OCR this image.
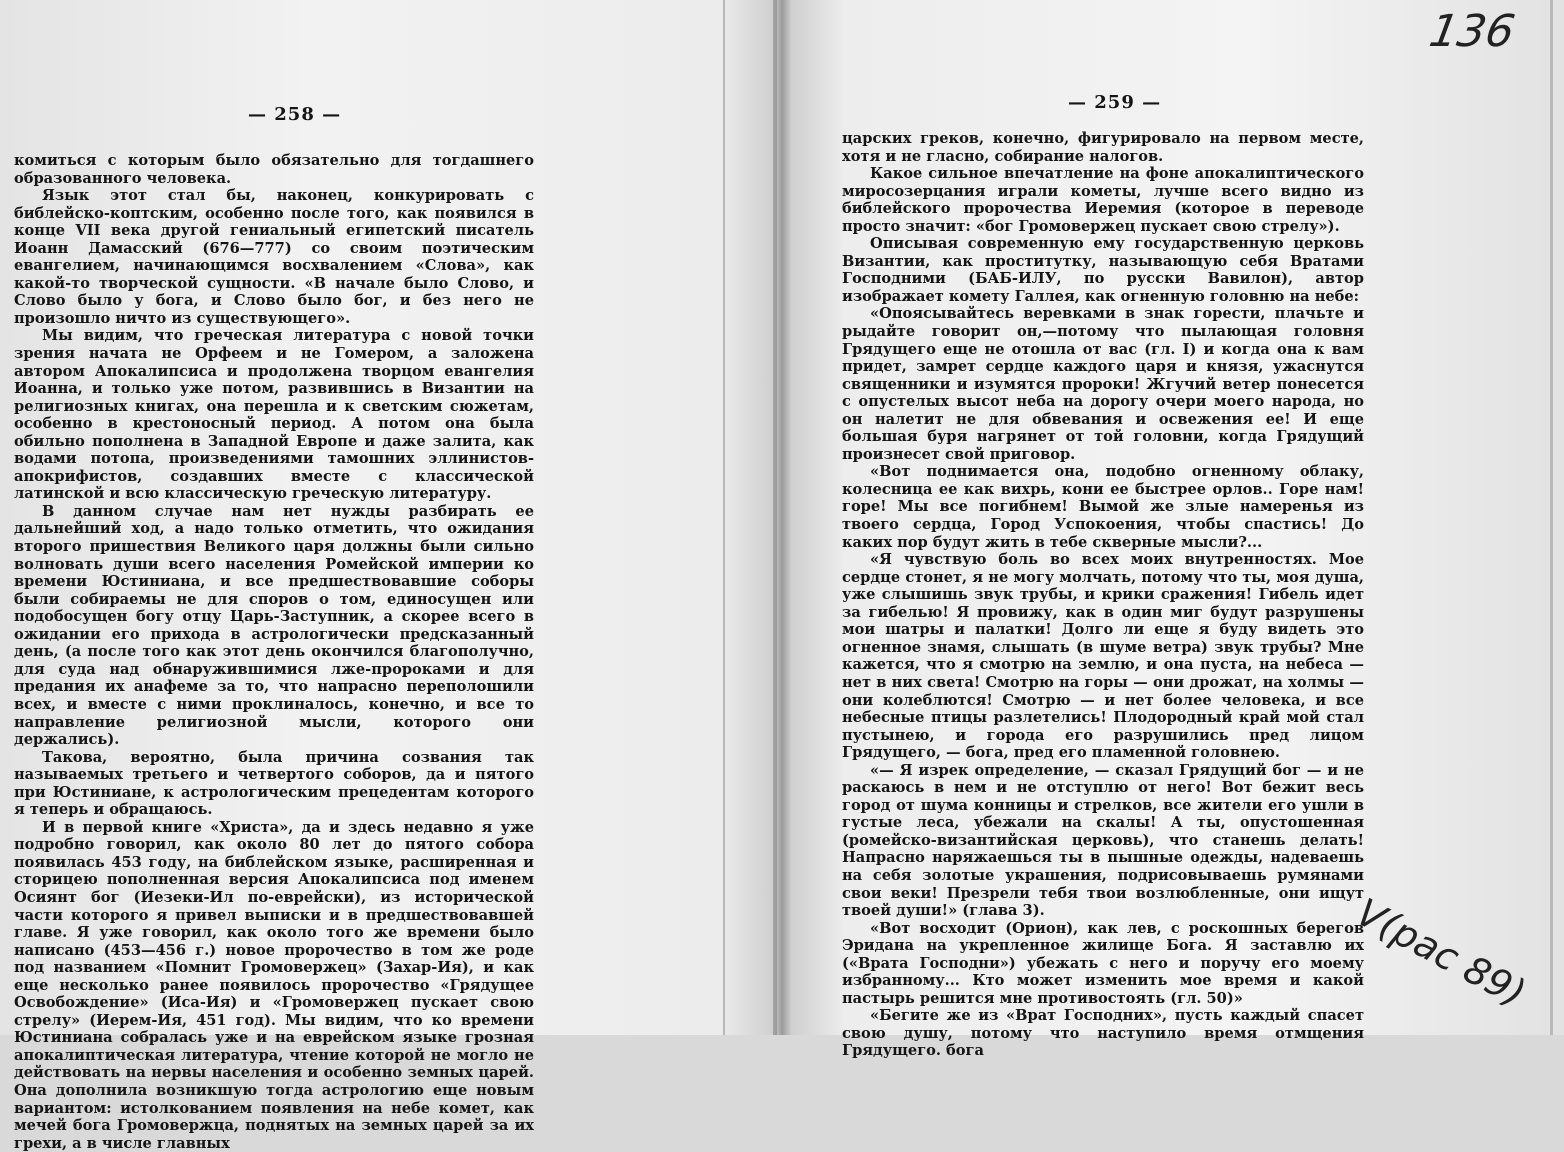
— 258 —

комиться с которым было обязательно для тогдашнего образованного человека.

Язык этот стал бы, наконец, конкурировать с библейско-коптским, особенно после того, как появился в конце VII века другой гениальный египетский писатель Иоанн Дамасский (676—777) со своим поэтическим евангелием, начинающимся восхвалением «Слова», как какой-то творческой сущности. «В начале было Слово, и Слово было у бога, и Слово было бог, и без него не произошло ничто из существующего».

Мы видим, что греческая литература с новой точки зрения начата не Орфеем и не Гомером, а заложена автором Апокалипсиса и продолжена творцом евангелия Иоанна, и только уже потом, развившись в Византии на религиозных книгах, она перешла и к светским сюжетам, особенно в крестоносный период. А потом она была обильно пополнена в Западной Европе и даже залита, как водами потопа, произведениями тамошних эллинистов-апокрифистов, создавших вместе с классической латинской и всю классическую греческую литературу.

В данном случае нам нет нужды разбирать ее дальнейший ход, а надо только отметить, что ожидания второго пришествия Великого царя должны были сильно волновать души всего населения Ромейской империи ко времени Юстиниана, и все предшествовавшие соборы были собираемы не для споров о том, единосущен или подобосущен богу отцу Царь-Заступник, а скорее всего в ожидании его прихода в астрологически предсказанный день, (а после того как этот день окончился благополучно, для суда над обнаружившимися лже-пророками и для предания их анафеме за то, что напрасно переполошили всех, и вместе с ними проклиналось, конечно, и все то направление религиозной мысли, которого они держались).

Такова, вероятно, была причина созвания так называемых третьего и четвертого соборов, да и пятого при Юстиниане, к астрологическим прецедентам которого я теперь и обращаюсь.

И в первой книге «Христа», да и здесь недавно я уже подробно говорил, как около 80 лет до пятого собора появилась 453 году, на библейском языке, расширенная и сторицею пополненная версия Апокалипсиса под именем Осиянт бог (Иезеки-Ил по-еврейски), из исторической части которого я привел выписки и в предшествовавшей главе. Я уже говорил, как около того же времени было написано (453—456 г.) новое пророчество в том же роде под названием «Помнит Громовержец» (Захар-Ия), и как еще несколько ранее появилось пророчество «Грядущее Освобождение» (Иса-Ия) и «Громовержец пускает свою стрелу» (Иерем-Ия, 451 год). Мы видим, что ко времени Юстиниана собралась уже и на еврейском языке грозная апокалиптическая литература, чтение которой не могло не действовать на нервы населения и особенно земных царей. Она дополнила возникшую тогда астрологию еще новым вариантом: истолкованием появления на небе комет, как мечей бога Громовержца, поднятых на земных царей за их грехи, а в числе главных

— 259 —

царских греков, конечно, фигурировало на первом месте, хотя и не гласно, собирание налогов.

Какое сильное впечатление на фоне апокалиптического миросозерцания играли кометы, лучше всего видно из библейского пророчества Иеремия (которое в переводе просто значит: «бог Громовержец пускает свою стрелу»).

Описывая современную ему государственную церковь Византии, как проститутку, называющую себя Вратами Господними (БАБ-ИЛУ, по русски Вавилон), автор изображает комету Галлея, как огненную головню на небе:

«Опоясывайтесь веревками в знак горести, плачьте и рыдайте говорит он,—потому что пылающая головня Грядущего еще не отошла от вас (гл. I) и когда она к вам придет, замрет сердце каждого царя и князя, ужаснутся священники и изумятся пророки! Жгучий ветер понесется с опустелых высот неба на дорогу очери моего народа, но он налетит не для обвевания и освежения ее! И еще большая буря нагрянет от той головни, когда Грядущий произнесет свой приговор.

«Вот поднимается она, подобно огненному облаку, колесница ее как вихрь, кони ее быстрее орлов.. Горе нам! горе! Мы все погибнем! Вымой же злые намеренья из твоего сердца, Город Успокоения, чтобы спастись! До каких пор будут жить в тебе скверные мысли?...

«Я чувствую боль во всех моих внутренностях. Мое сердце стонет, я не могу молчать, потому что ты, моя душа, уже слышишь звук трубы, и крики сражения! Гибель идет за гибелью! Я провижу, как в один миг будут разрушены мои шатры и палатки! Долго ли еще я буду видеть это огненное знамя, слышать (в шуме ветра) звук трубы? Мне кажется, что я смотрю на землю, и она пуста, на небеса — нет в них света! Смотрю на горы — они дрожат, на холмы — они колеблются! Смотрю — и нет более человека, и все небесные птицы разлетелись! Плодородный край мой стал пустынею, и города его разрушились пред лицом Грядущего, — бога, пред его пламенной головнею.

«— Я изрек определение, — сказал Грядущий бог — и не раскаюсь в нем и не отступлю от него! Вот бежит весь город от шума конницы и стрелков, все жители его ушли в густые леса, убежали на скалы! А ты, опустошенная (ромейско-византийская церковь), что станешь делать! Напрасно наряжаешься ты в пышные одежды, надеваешь на себя золотые украшения, подрисовываешь румянами свои веки! Презрели тебя твои возлюбленные, они ищут твоей души!» (глава 3).

«Вот восходит (Орион), как лев, с роскошных берегов Эридана на укрепленное жилище Бога. Я заставлю их («Врата Господни») убежать с него и поручу его моему избранному... Кто может изменить мое время и какой пастырь решится мне противостоять (гл. 50)»

«Бегите же из «Врат Господних», пусть каждый спасет свою душу, потому что наступило время отмщения Грядущего. бога

136
V(рас 89)
